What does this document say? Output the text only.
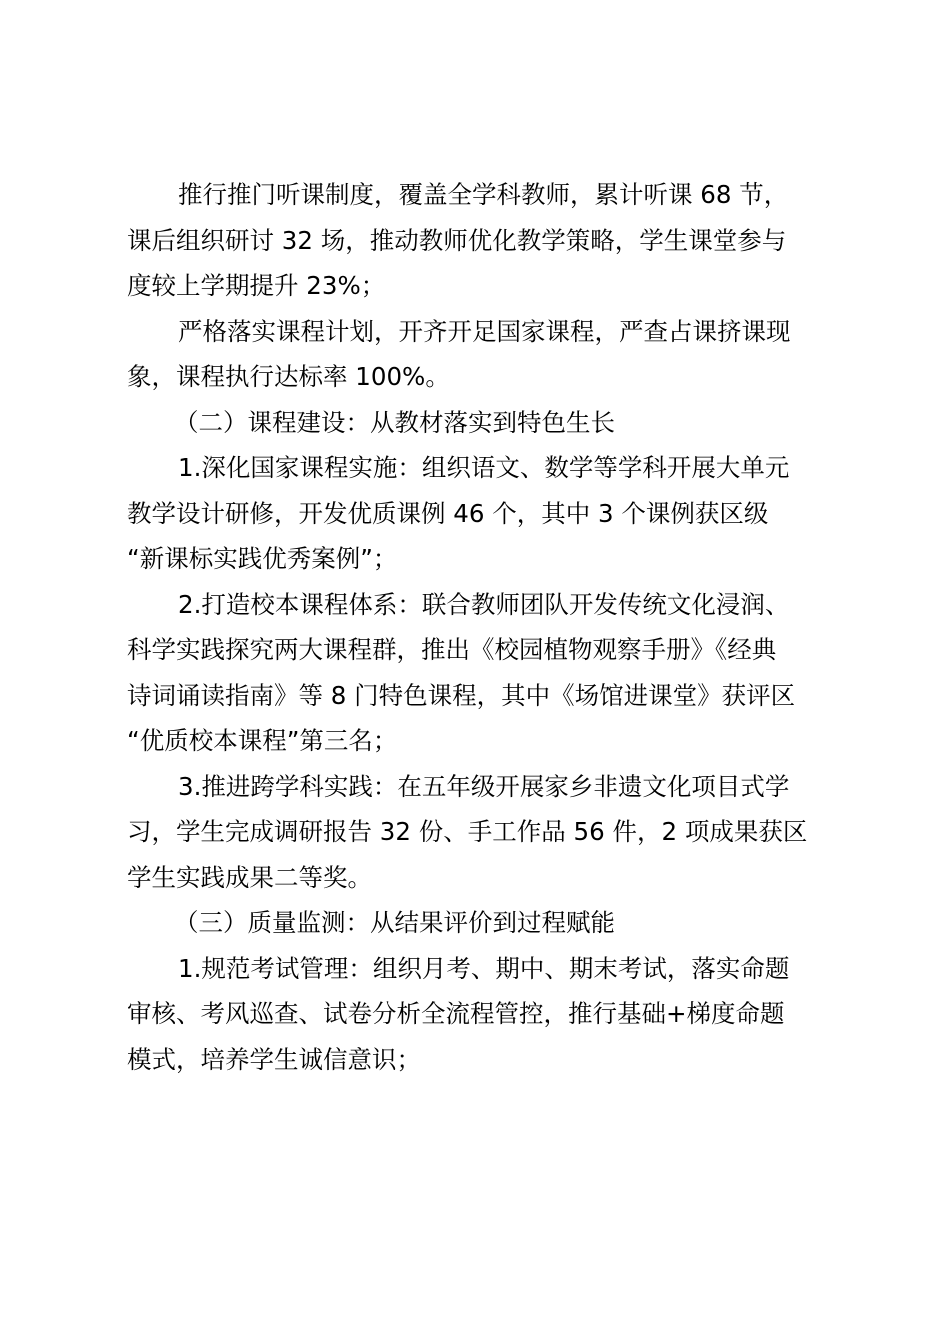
推行推门听课制度，覆盖全学科教师，累计听课 68 节，
课后组织研讨 32 场，推动教师优化教学策略，学生课堂参与
度较上学期提升 23%；

严格落实课程计划，开齐开足国家课程，严查占课挤课现
象，课程执行达标率 100%。

（二）课程建设：从教材落实到特色生长

1.深化国家课程实施：组织语文、数学等学科开展大单元
教学设计研修，开发优质课例 46 个，其中 3 个课例获区级
“新课标实践优秀案例”；

2.打造校本课程体系：联合教师团队开发传统文化浸润、
科学实践探究两大课程群，推出《校园植物观察手册》《经典
诗词诵读指南》等 8 门特色课程，其中《场馆进课堂》获评区
“优质校本课程”第三名；

3.推进跨学科实践：在五年级开展家乡非遗文化项目式学
习，学生完成调研报告 32 份、手工作品 56 件，2 项成果获区
学生实践成果二等奖。

（三）质量监测：从结果评价到过程赋能

1.规范考试管理：组织月考、期中、期末考试，落实命题
审核、考风巡查、试卷分析全流程管控，推行基础+梯度命题
模式，培养学生诚信意识；
